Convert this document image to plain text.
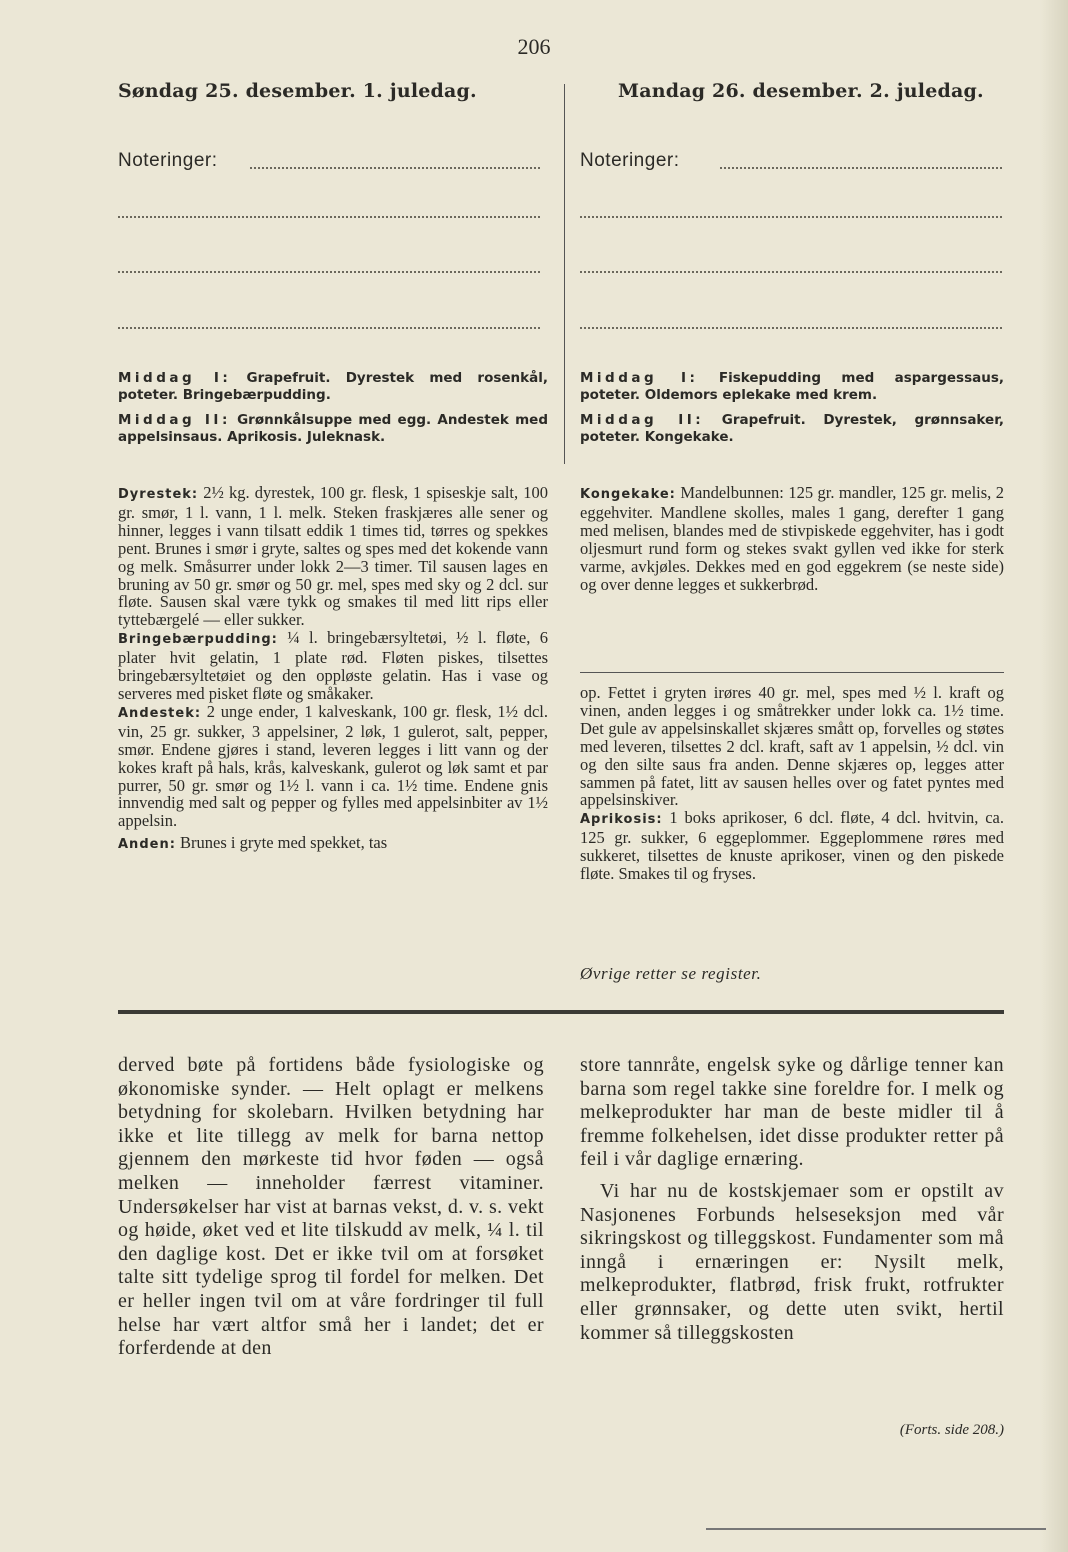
206
Søndag 25. desember. 1. juledag.
Noteringer:

Middag I: Grapefruit. Dyrestek med rosenkål, poteter. Bringebærpudding.

Middag II: Grønnkålsuppe med egg. Andestek med appelsinsaus. Aprikosis. Juleknask.

Dyrestek: 2½ kg. dyrestek, 100 gr. flesk, 1 spiseskje salt, 100 gr. smør, 1 l. vann, 1 l. melk. Steken fraskjæres alle sener og hinner, legges i vann tilsatt eddik 1 times tid, tørres og spekkes pent. Brunes i smør i gryte, saltes og spes med det kokende vann og melk. Småsurrer under lokk 2—3 timer. Til sausen lages en bruning av 50 gr. smør og 50 gr. mel, spes med sky og 2 dcl. sur fløte. Sausen skal være tykk og smakes til med litt rips eller tyttebærgelé — eller sukker.

Bringebærpudding: ¼ l. bringebærsyltetøi, ½ l. fløte, 6 plater hvit gelatin, 1 plate rød. Fløten piskes, tilsettes bringebærsyltetøiet og den oppløste gelatin. Has i vase og serveres med pisket fløte og småkaker.

Andestek: 2 unge ender, 1 kalveskank, 100 gr. flesk, 1½ dcl. vin, 25 gr. sukker, 3 appelsiner, 2 løk, 1 gulerot, salt, pepper, smør. Endene gjøres i stand, leveren legges i litt vann og der kokes kraft på hals, krås, kalveskank, gulerot og løk samt et par purrer, 50 gr. smør og 1½ l. vann i ca. 1½ time. Endene gnis innvendig med salt og pepper og fylles med appelsinbiter av 1½ appelsin.

Anden: Brunes i gryte med spekket, tas

Mandag 26. desember. 2. juledag.
Noteringer:

Middag I: Fiskepudding med aspargessaus, poteter. Oldemors eplekake med krem.

Middag II: Grapefruit. Dyrestek, grønnsaker, poteter. Kongekake.

Kongekake: Mandelbunnen: 125 gr. mandler, 125 gr. melis, 2 eggehviter. Mandlene skolles, males 1 gang, derefter 1 gang med melisen, blandes med de stivpiskede eggehviter, has i godt oljesmurt rund form og stekes svakt gyllen ved ikke for sterk varme, avkjøles. Dekkes med en god eggekrem (se neste side) og over denne legges et sukkerbrød.

op. Fettet i gryten irøres 40 gr. mel, spes med ½ l. kraft og vinen, anden legges i og småtrekker under lokk ca. 1½ time. Det gule av appelsinskallet skjæres smått op, forvelles og støtes med leveren, tilsettes 2 dcl. kraft, saft av 1 appelsin, ½ dcl. vin og den silte saus fra anden. Denne skjæres op, legges atter sammen på fatet, litt av sausen helles over og fatet pyntes med appelsinskiver.

Aprikosis: 1 boks aprikoser, 6 dcl. fløte, 4 dcl. hvitvin, ca. 125 gr. sukker, 6 eggeplommer. Eggeplommene røres med sukkeret, tilsettes de knuste aprikoser, vinen og den piskede fløte. Smakes til og fryses.

Øvrige retter se register.

derved bøte på fortidens både fysiologiske og økonomiske synder. — Helt oplagt er melkens betydning for skolebarn. Hvilken betydning har ikke et lite tillegg av melk for barna nettop gjennem den mørkeste tid hvor føden — også melken — inneholder færrest vitaminer. Undersøkelser har vist at barnas vekst, d. v. s. vekt og høide, øket ved et lite tilskudd av melk, ¼ l. til den daglige kost. Det er ikke tvil om at forsøket talte sitt tydelige sprog til fordel for melken. Det er heller ingen tvil om at våre fordringer til full helse har vært altfor små her i landet; det er forferdende at den

store tannråte, engelsk syke og dårlige tenner kan barna som regel takke sine foreldre for. I melk og melkeprodukter har man de beste midler til å fremme folkehelsen, idet disse produkter retter på feil i vår daglige ernæring.

Vi har nu de kostskjemaer som er opstilt av Nasjonenes Forbunds helseseksjon med vår sikringskost og tilleggskost. Fundamenter som må inngå i ernæringen er: Nysilt melk, melkeprodukter, flatbrød, frisk frukt, rotfrukter eller grønnsaker, og dette uten svikt, hertil kommer så tilleggskosten

(Forts. side 208.)
